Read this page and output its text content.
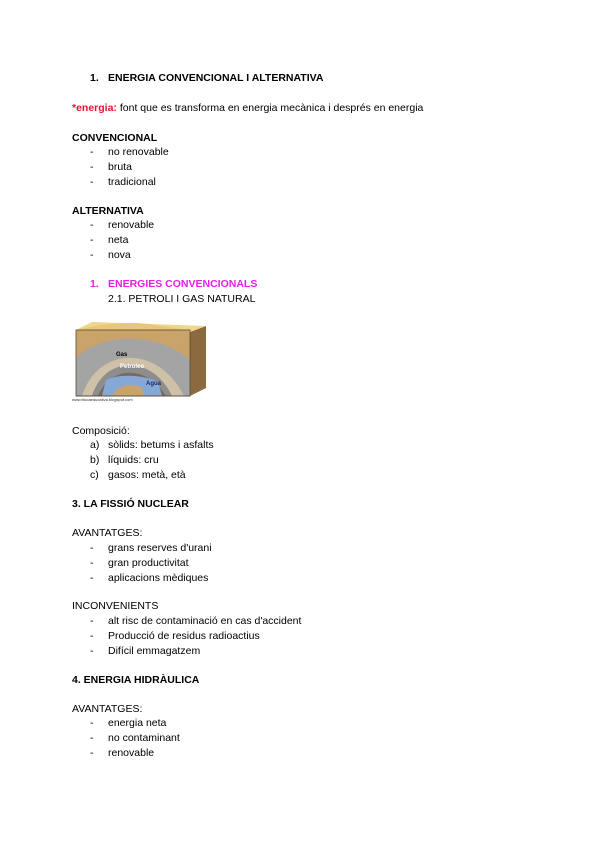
1. ENERGIA CONVENCIONAL I ALTERNATIVA
*energia: font que es transforma en energia mecànica i després en energia
CONVENCIONAL
- no renovable
- bruta
- tradicional
ALTERNATIVA
- renovable
- neta
- nova
1. ENERGIES CONVENCIONALS
2.1. PETROLI I GAS NATURAL
Gas
Petroleo
Agua
www.fisicaeducativa.blogspot.com
Composició:
a) sòlids: betums i asfalts
b) líquids: cru
c) gasos: metà, età
3. LA FISSIÓ NUCLEAR
AVANTATGES:
- grans reserves d'urani
- gran productivitat
- aplicacions mèdiques
INCONVENIENTS
- alt risc de contaminació en cas d'accident
- Producció de residus radioactius
- Difícil emmagatzem
4. ENERGIA HIDRÀULICA
AVANTATGES:
- energia neta
- no contaminant
- renovable
